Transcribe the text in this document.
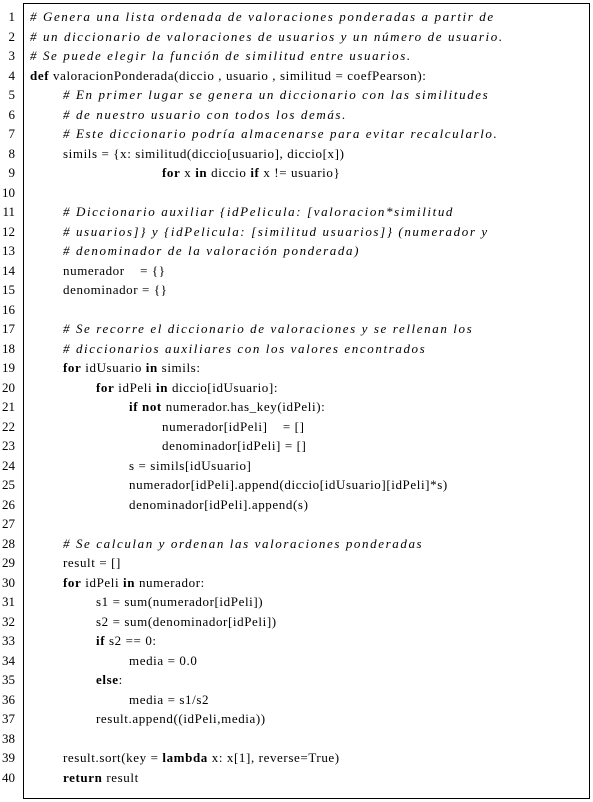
1 # Genera una lista ordenada de valoraciones ponderadas a partir de
2 # un diccionario de valoraciones de usuarios y un número de usuario.
3 # Se puede elegir la función de similitud entre usuarios.
4 def valoracionPonderada(diccio , usuario , similitud = coefPearson):
5	# En primer lugar se genera un diccionario con las similitudes
6	# de nuestro usuario con todos los demás.
7	# Este diccionario podría almacenarse para evitar recalcularlo.
8	simils = {x: similitud(diccio[usuario], diccio[x])
9	for x in diccio if x != usuario}
10
11	# Diccionario auxiliar {idPelicula: [valoracion*similitud
12	# usuarios]} y {idPelicula: [similitud usuarios]} (numerador y
13	# denominador de la valoración ponderada)
14	numerador    = {}
15	denominador = {}
16
17	# Se recorre el diccionario de valoraciones y se rellenan los
18	# diccionarios auxiliares con los valores encontrados
19	for idUsuario in simils:
20	for idPeli in diccio[idUsuario]:
21	if not numerador.has_key(idPeli):
22	numerador[idPeli]    = []
23	denominador[idPeli] = []
24	s = simils[idUsuario]
25	numerador[idPeli].append(diccio[idUsuario][idPeli]*s)
26	denominador[idPeli].append(s)
27
28	# Se calculan y ordenan las valoraciones ponderadas
29	result = []
30	for idPeli in numerador:
31	s1 = sum(numerador[idPeli])
32	s2 = sum(denominador[idPeli])
33	if s2 == 0:
34	media = 0.0
35	else:
36	media = s1/s2
37	result.append((idPeli,media))
38
39	result.sort(key = lambda x: x[1], reverse=True)
40	return result
